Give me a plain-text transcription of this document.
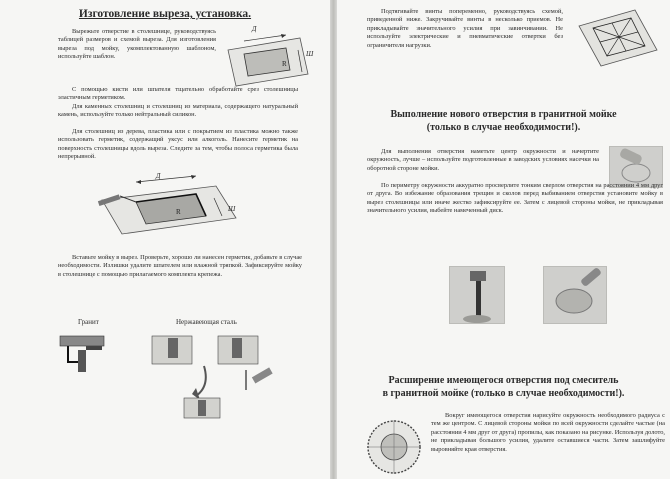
Изготовление выреза, установка.

Вырежьте отверстие в столешнице, руководствуясь таблицей размеров и схемой выреза. Для изготовления выреза под мойку, укомплектованную шаблоном, используйте шаблон.

R

Д

Ш

С помощью кисти или шпателя тщательно обработайте срез столешницы эластичным герметиком.

Для каменных столешниц и столешниц из материала, содержащего натуральный камень, используйте только нейтральный силикон.

Для столешниц из дерева, пластика или с покрытием из пластика можно также использовать герметик, содержащий уксус или алкоголь. Нанесите герметик на поверхность столешницы вдоль выреза. Следите за тем, чтобы полоса герметика была непрерывной.

R

Д

Ш

Вставьте мойку в вырез. Проверьте, хорошо ли нанесен герметик, добавьте в случае необходимости. Излишки удалите шпателем или влажной тряпкой. Зафиксируйте мойку в столешнице с помощью прилагаемого комплекта крепежа.

Гранит	Нержавеющая сталь

Подтягивайте винты попеременно, руководствуясь схемой, приведенной ниже. Закручивайте винты в несколько приемов. Не прикладывайте значительного усилия при завинчивании. Не используйте электрические и пневматические отвертки без ограничителя нагрузки.

Выполнение нового отверстия в гранитной мойке

(только в случае необходимости!).

Для выполнения отверстия наметьте центр окружности и начертите окружность, лучше – используйте подготовленные в заводских условиях насечки на оборотной стороне мойки.

По периметру окружности аккуратно просверлите тонким сверлом отверстия на расстоянии 4 мм друг от друга. Во избежание образования трещин и сколов перед выбиванием отверстия установите мойку в вырез столешницы или иначе жестко зафиксируйте ее. Затем с лицевой стороны мойки, не прикладывая значительного усилия, выбейте намеченный диск.

Расширение имеющегося отверстия под смеситель

в гранитной мойке (только в случае необходимости!).

Вокруг имеющегося отверстия нарисуйте окружность необходимого радиуса с тем же центром. С лицевой стороны мойки по всей окружности сделайте частые (на расстоянии 4 мм друг от друга) пропилы, как показано на рисунке. Используя долото, не прикладывая большого усилия, удалите оставшиеся части. Затем зашлифуйте выровняйте края отверстия.
